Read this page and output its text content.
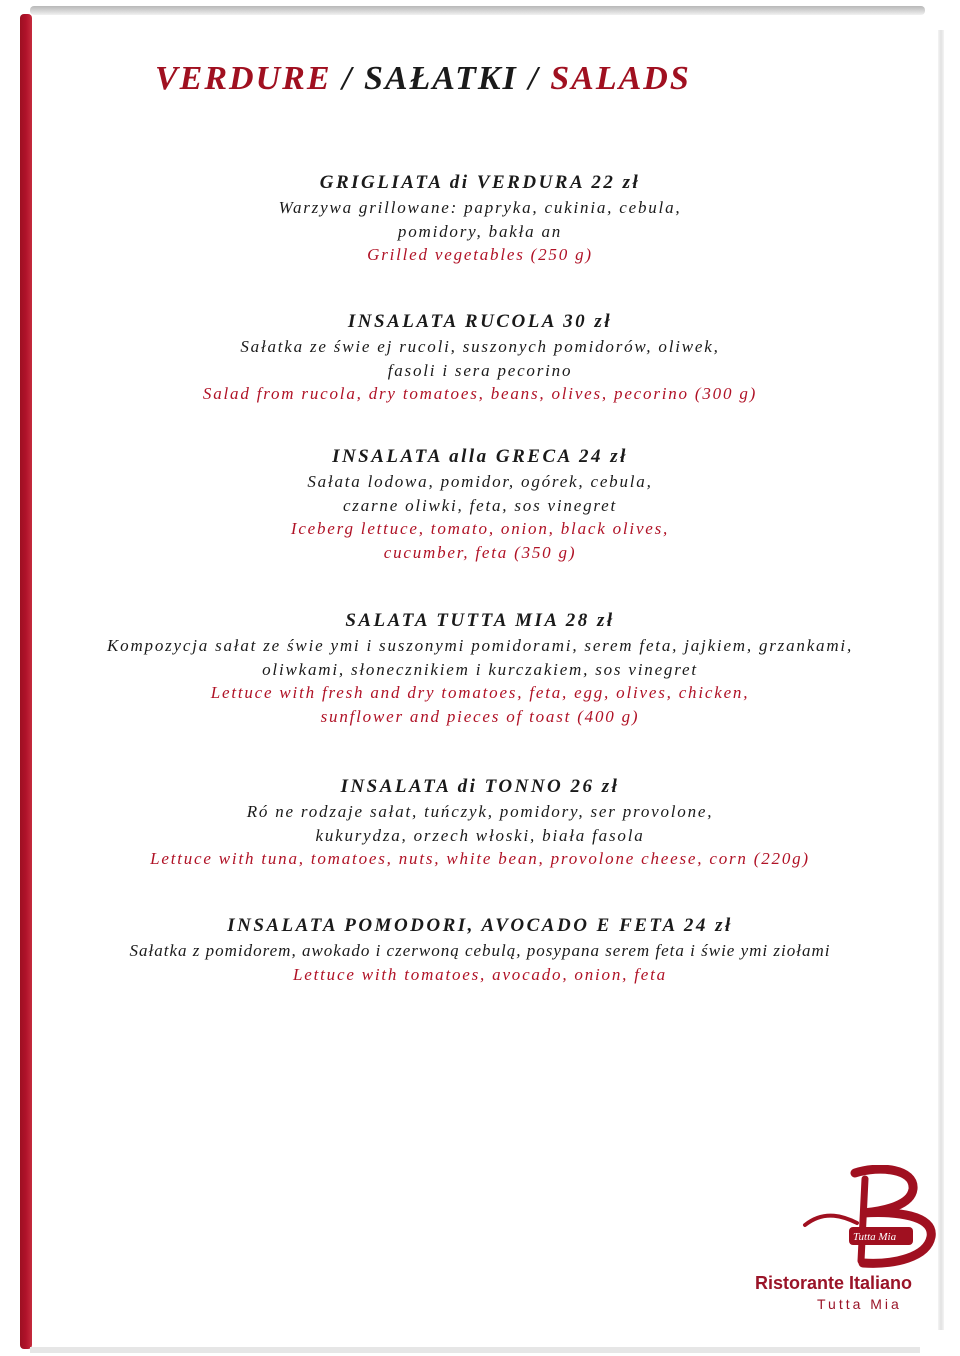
VERDURE / SAŁATKI / SALADS
GRIGLIATA di VERDURA 22 zł
Warzywa grillowane: papryka, cukinia, cebula,
pomidory, bakła an
Grilled vegetables (250 g)
INSALATA RUCOLA 30 zł
Sałatka ze świe ej rucoli, suszonych pomidorów, oliwek,
fasoli i sera pecorino
Salad from rucola, dry tomatoes, beans, olives, pecorino (300 g)
INSALATA alla GRECA 24 zł
Sałata lodowa, pomidor, ogórek, cebula,
czarne oliwki, feta, sos vinegret
Iceberg lettuce, tomato, onion, black olives,
cucumber, feta (350 g)
SALATA TUTTA MIA 28 zł
Kompozycja sałat ze świe ymi i suszonymi pomidorami, serem feta, jajkiem, grzankami,
oliwkami, słonecznikiem i kurczakiem, sos vinegret
Lettuce with fresh and dry tomatoes, feta, egg, olives, chicken,
sunflower and pieces of toast (400 g)
INSALATA di TONNO 26 zł
Ró ne rodzaje sałat, tuńczyk, pomidory, ser provolone,
kukurydza, orzech włoski, biała fasola
Lettuce with tuna, tomatoes, nuts, white bean, provolone cheese, corn (220g)
INSALATA POMODORI, AVOCADO E FETA 24 zł
Sałatka z pomidorem, awokado i czerwoną cebulą, posypana serem feta i świe ymi ziołami
Lettuce with tomatoes, avocado, onion, feta
Tutta Mia
Ristorante Italiano
Tutta Mia
